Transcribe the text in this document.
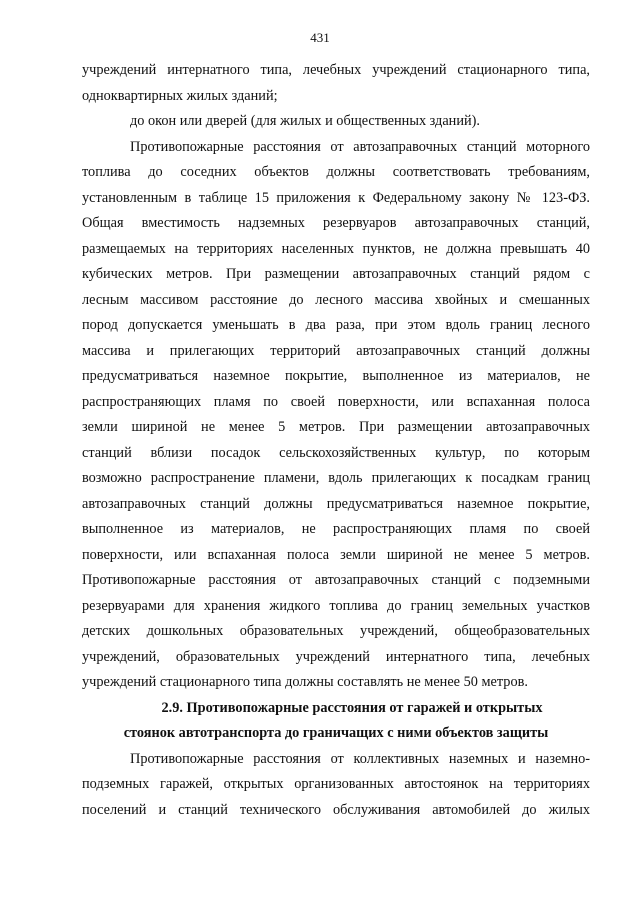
431
учреждений интернатного типа, лечебных учреждений стационарного типа,
одноквартирных жилых зданий;
до окон или дверей (для жилых и общественных зданий).
Противопожарные расстояния от автозаправочных станций моторного
топлива до соседних объектов должны соответствовать требованиям,
установленным в таблице 15 приложения к Федеральному закону № 123-ФЗ.
Общая вместимость надземных резервуаров автозаправочных станций,
размещаемых на территориях населенных пунктов, не должна превышать 40
кубических метров. При размещении автозаправочных станций рядом с
лесным массивом расстояние до лесного массива хвойных и смешанных
пород допускается уменьшать в два раза, при этом вдоль границ лесного
массива и прилегающих территорий автозаправочных станций должны
предусматриваться наземное покрытие, выполненное из материалов, не
распространяющих пламя по своей поверхности, или вспаханная полоса
земли шириной не менее 5 метров. При размещении автозаправочных
станций вблизи посадок сельскохозяйственных культур, по которым
возможно распространение пламени, вдоль прилегающих к посадкам границ
автозаправочных станций должны предусматриваться наземное покрытие,
выполненное из материалов, не распространяющих пламя по своей
поверхности, или вспаханная полоса земли шириной не менее 5 метров.
Противопожарные расстояния от автозаправочных станций с подземными
резервуарами для хранения жидкого топлива до границ земельных участков
детских дошкольных образовательных учреждений, общеобразовательных
учреждений, образовательных учреждений интернатного типа, лечебных
учреждений стационарного типа должны составлять не менее 50 метров.
2.9. Противопожарные расстояния от гаражей и открытых
стоянок автотранспорта до граничащих с ними объектов защиты
Противопожарные расстояния от коллективных наземных и наземно-
подземных гаражей, открытых организованных автостоянок на территориях
поселений и станций технического обслуживания автомобилей до жилых
